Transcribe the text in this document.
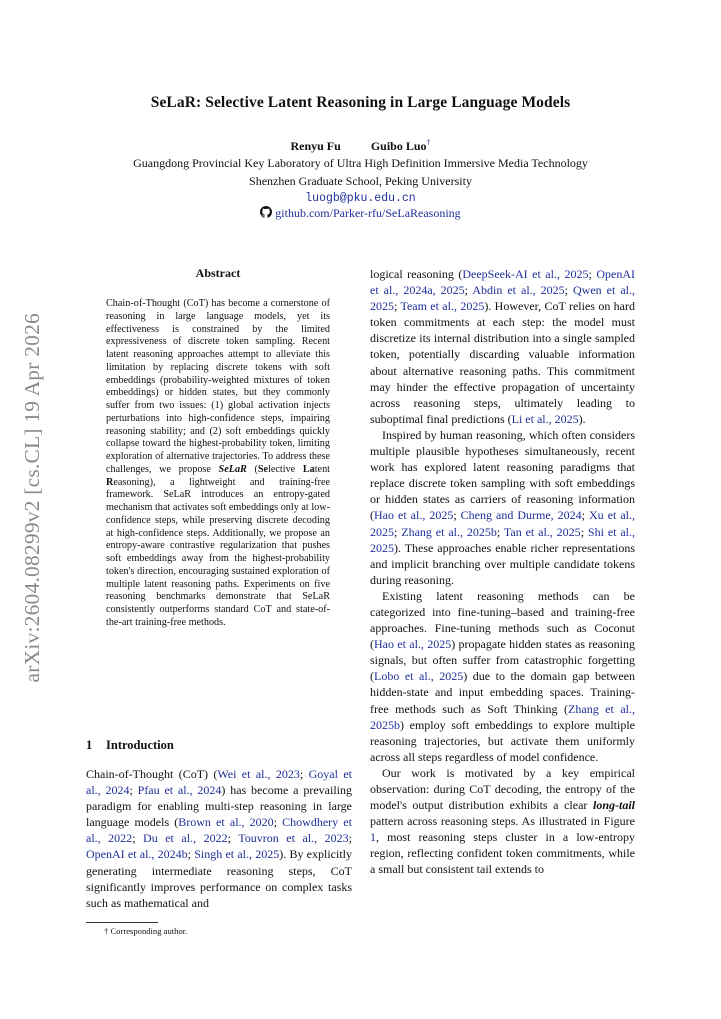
SeLaR: Selective Latent Reasoning in Large Language Models
Renyu Fu	Guibo Luo†
Guangdong Provincial Key Laboratory of Ultra High Definition Immersive Media Technology
Shenzhen Graduate School, Peking University
luogb@pku.edu.cn
github.com/Parker-rfu/SeLaReasoning
arXiv:2604.08299v2 [cs.CL] 19 Apr 2026
Abstract
Chain-of-Thought (CoT) has become a cornerstone of reasoning in large language models, yet its effectiveness is constrained by the limited expressiveness of discrete token sampling. Recent latent reasoning approaches attempt to alleviate this limitation by replacing discrete tokens with soft embeddings (probability-weighted mixtures of token embeddings) or hidden states, but they commonly suffer from two issues: (1) global activation injects perturbations into high-confidence steps, impairing reasoning stability; and (2) soft embeddings quickly collapse toward the highest-probability token, limiting exploration of alternative trajectories. To address these challenges, we propose SeLaR (Selective Latent Reasoning), a lightweight and training-free framework. SeLaR introduces an entropy-gated mechanism that activates soft embeddings only at low-confidence steps, while preserving discrete decoding at high-confidence steps. Additionally, we propose an entropy-aware contrastive regularization that pushes soft embeddings away from the highest-probability token's direction, encouraging sustained exploration of multiple latent reasoning paths. Experiments on five reasoning benchmarks demonstrate that SeLaR consistently outperforms standard CoT and state-of-the-art training-free methods.
1 Introduction
Chain-of-Thought (CoT) (Wei et al., 2023; Goyal et al., 2024; Pfau et al., 2024) has become a prevailing paradigm for enabling multi-step reasoning in large language models (Brown et al., 2020; Chowdhery et al., 2022; Du et al., 2022; Touvron et al., 2023; OpenAI et al., 2024b; Singh et al., 2025). By explicitly generating intermediate reasoning steps, CoT significantly improves performance on complex tasks such as mathematical and
† Corresponding author.

logical reasoning (DeepSeek-AI et al., 2025; OpenAI et al., 2024a, 2025; Abdin et al., 2025; Qwen et al., 2025; Team et al., 2025). However, CoT relies on hard token commitments at each step: the model must discretize its internal distribution into a single sampled token, potentially discarding valuable information about alternative reasoning paths. This commitment may hinder the effective propagation of uncertainty across reasoning steps, ultimately leading to suboptimal final predictions (Li et al., 2025).

Inspired by human reasoning, which often considers multiple plausible hypotheses simultaneously, recent work has explored latent reasoning paradigms that replace discrete token sampling with soft embeddings or hidden states as carriers of reasoning information (Hao et al., 2025; Cheng and Durme, 2024; Xu et al., 2025; Zhang et al., 2025b; Tan et al., 2025; Shi et al., 2025). These approaches enable richer representations and implicit branching over multiple candidate tokens during reasoning.

Existing latent reasoning methods can be categorized into fine-tuning–based and training-free approaches. Fine-tuning methods such as Coconut (Hao et al., 2025) propagate hidden states as reasoning signals, but often suffer from catastrophic forgetting (Lobo et al., 2025) due to the domain gap between hidden-state and input embedding spaces. Training-free methods such as Soft Thinking (Zhang et al., 2025b) employ soft embeddings to explore multiple reasoning trajectories, but activate them uniformly across all steps regardless of model confidence.

Our work is motivated by a key empirical observation: during CoT decoding, the entropy of the model's output distribution exhibits a clear long-tail pattern across reasoning steps. As illustrated in Figure 1, most reasoning steps cluster in a low-entropy region, reflecting confident token commitments, while a small but consistent tail extends to
